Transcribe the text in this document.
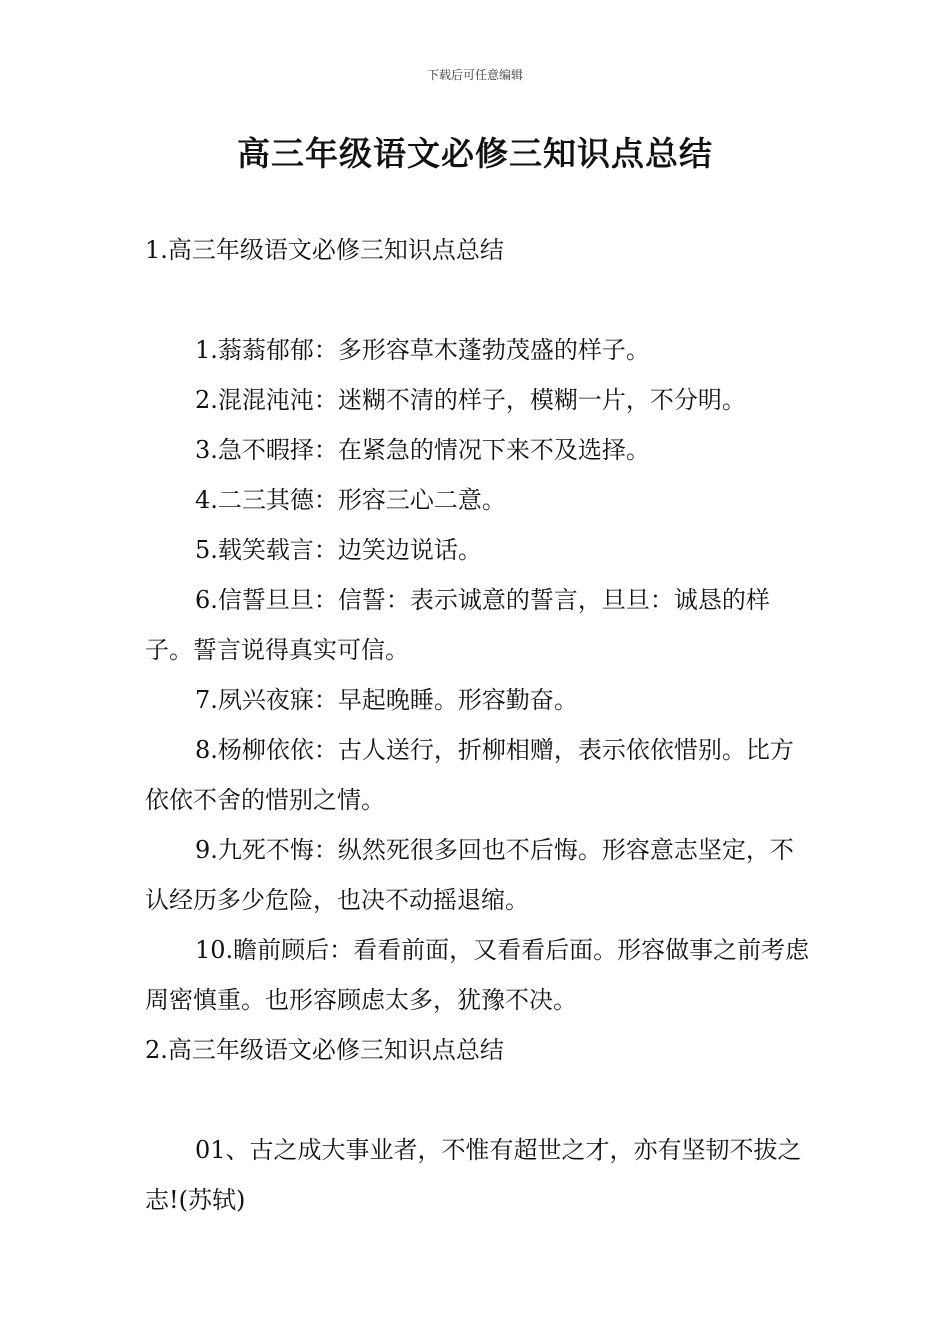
下载后可任意编辑
高三年级语文必修三知识点总结

1.高三年级语文必修三知识点总结

1.蓊蓊郁郁：多形容草木蓬勃茂盛的样子。

2.混混沌沌：迷糊不清的样子，模糊一片，不分明。

3.急不暇择：在紧急的情况下来不及选择。

4.二三其德：形容三心二意。

5.载笑载言：边笑边说话。

6.信誓旦旦：信誓：表示诚意的誓言，旦旦：诚恳的样子。誓言说得真实可信。

7.夙兴夜寐：早起晚睡。形容勤奋。

8.杨柳依依：古人送行，折柳相赠，表示依依惜别。比方依依不舍的惜别之情。

9.九死不悔：纵然死很多回也不后悔。形容意志坚定，不认经历多少危险，也决不动摇退缩。

10.瞻前顾后：看看前面，又看看后面。形容做事之前考虑周密慎重。也形容顾虑太多，犹豫不决。

2.高三年级语文必修三知识点总结

01、古之成大事业者，不惟有超世之才，亦有坚韧不拔之志!(苏轼)
